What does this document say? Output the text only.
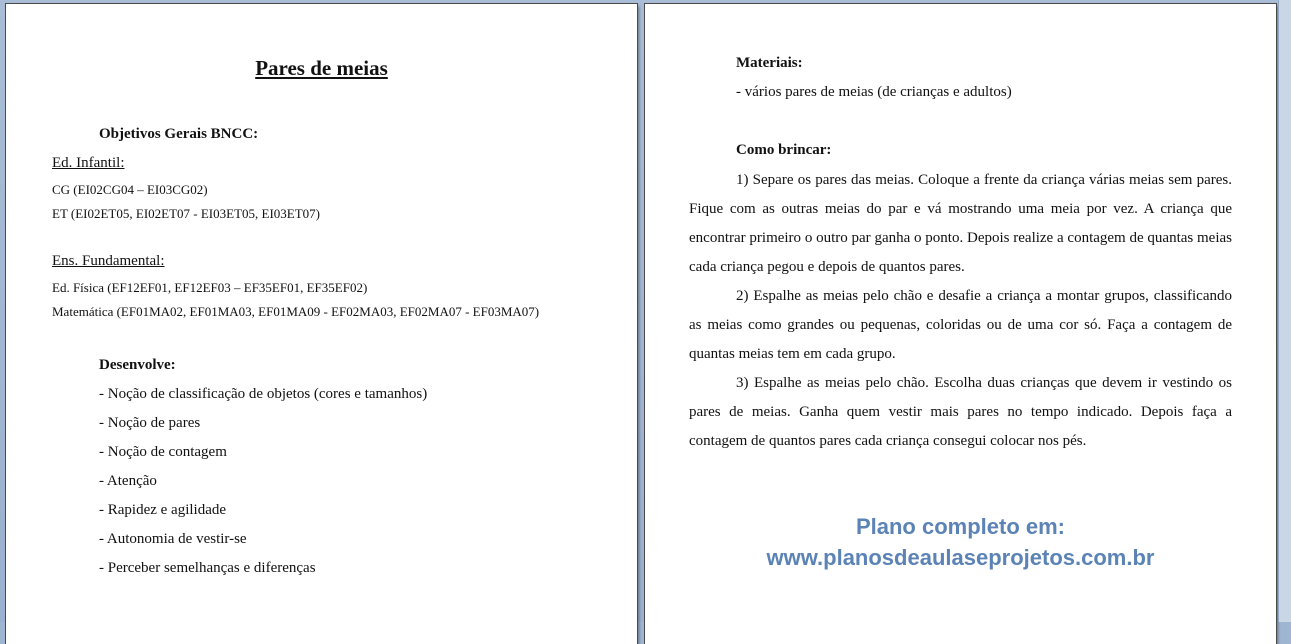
Pares de meias
Objetivos Gerais BNCC:
Ed. Infantil:
CG (EI02CG04 – EI03CG02)
ET (EI02ET05, EI02ET07 - EI03ET05, EI03ET07)
Ens. Fundamental:
Ed. Física (EF12EF01, EF12EF03 – EF35EF01, EF35EF02)
Matemática (EF01MA02, EF01MA03, EF01MA09 - EF02MA03, EF02MA07 - EF03MA07)
Desenvolve:
- Noção de classificação de objetos (cores e tamanhos)
- Noção de pares
- Noção de contagem
- Atenção
- Rapidez e agilidade
- Autonomia de vestir-se
- Perceber semelhanças e diferenças
Materiais:
- vários pares de meias (de crianças e adultos)
Como brincar:

1) Separe os pares das meias. Coloque a frente da criança várias meias sem pares. Fique com as outras meias do par e vá mostrando uma meia por vez. A criança que encontrar primeiro o outro par ganha o ponto. Depois realize a contagem de quantas meias cada criança pegou e depois de quantos pares.

2) Espalhe as meias pelo chão e desafie a criança a montar grupos, classificando as meias como grandes ou pequenas, coloridas ou de uma cor só. Faça a contagem de quantas meias tem em cada grupo.

3) Espalhe as meias pelo chão. Escolha duas crianças que devem ir vestindo os pares de meias. Ganha quem vestir mais pares no tempo indicado. Depois faça a contagem de quantos pares cada criança consegui colocar nos pés.

Plano completo em:
www.planosdeaulaseprojetos.com.br
